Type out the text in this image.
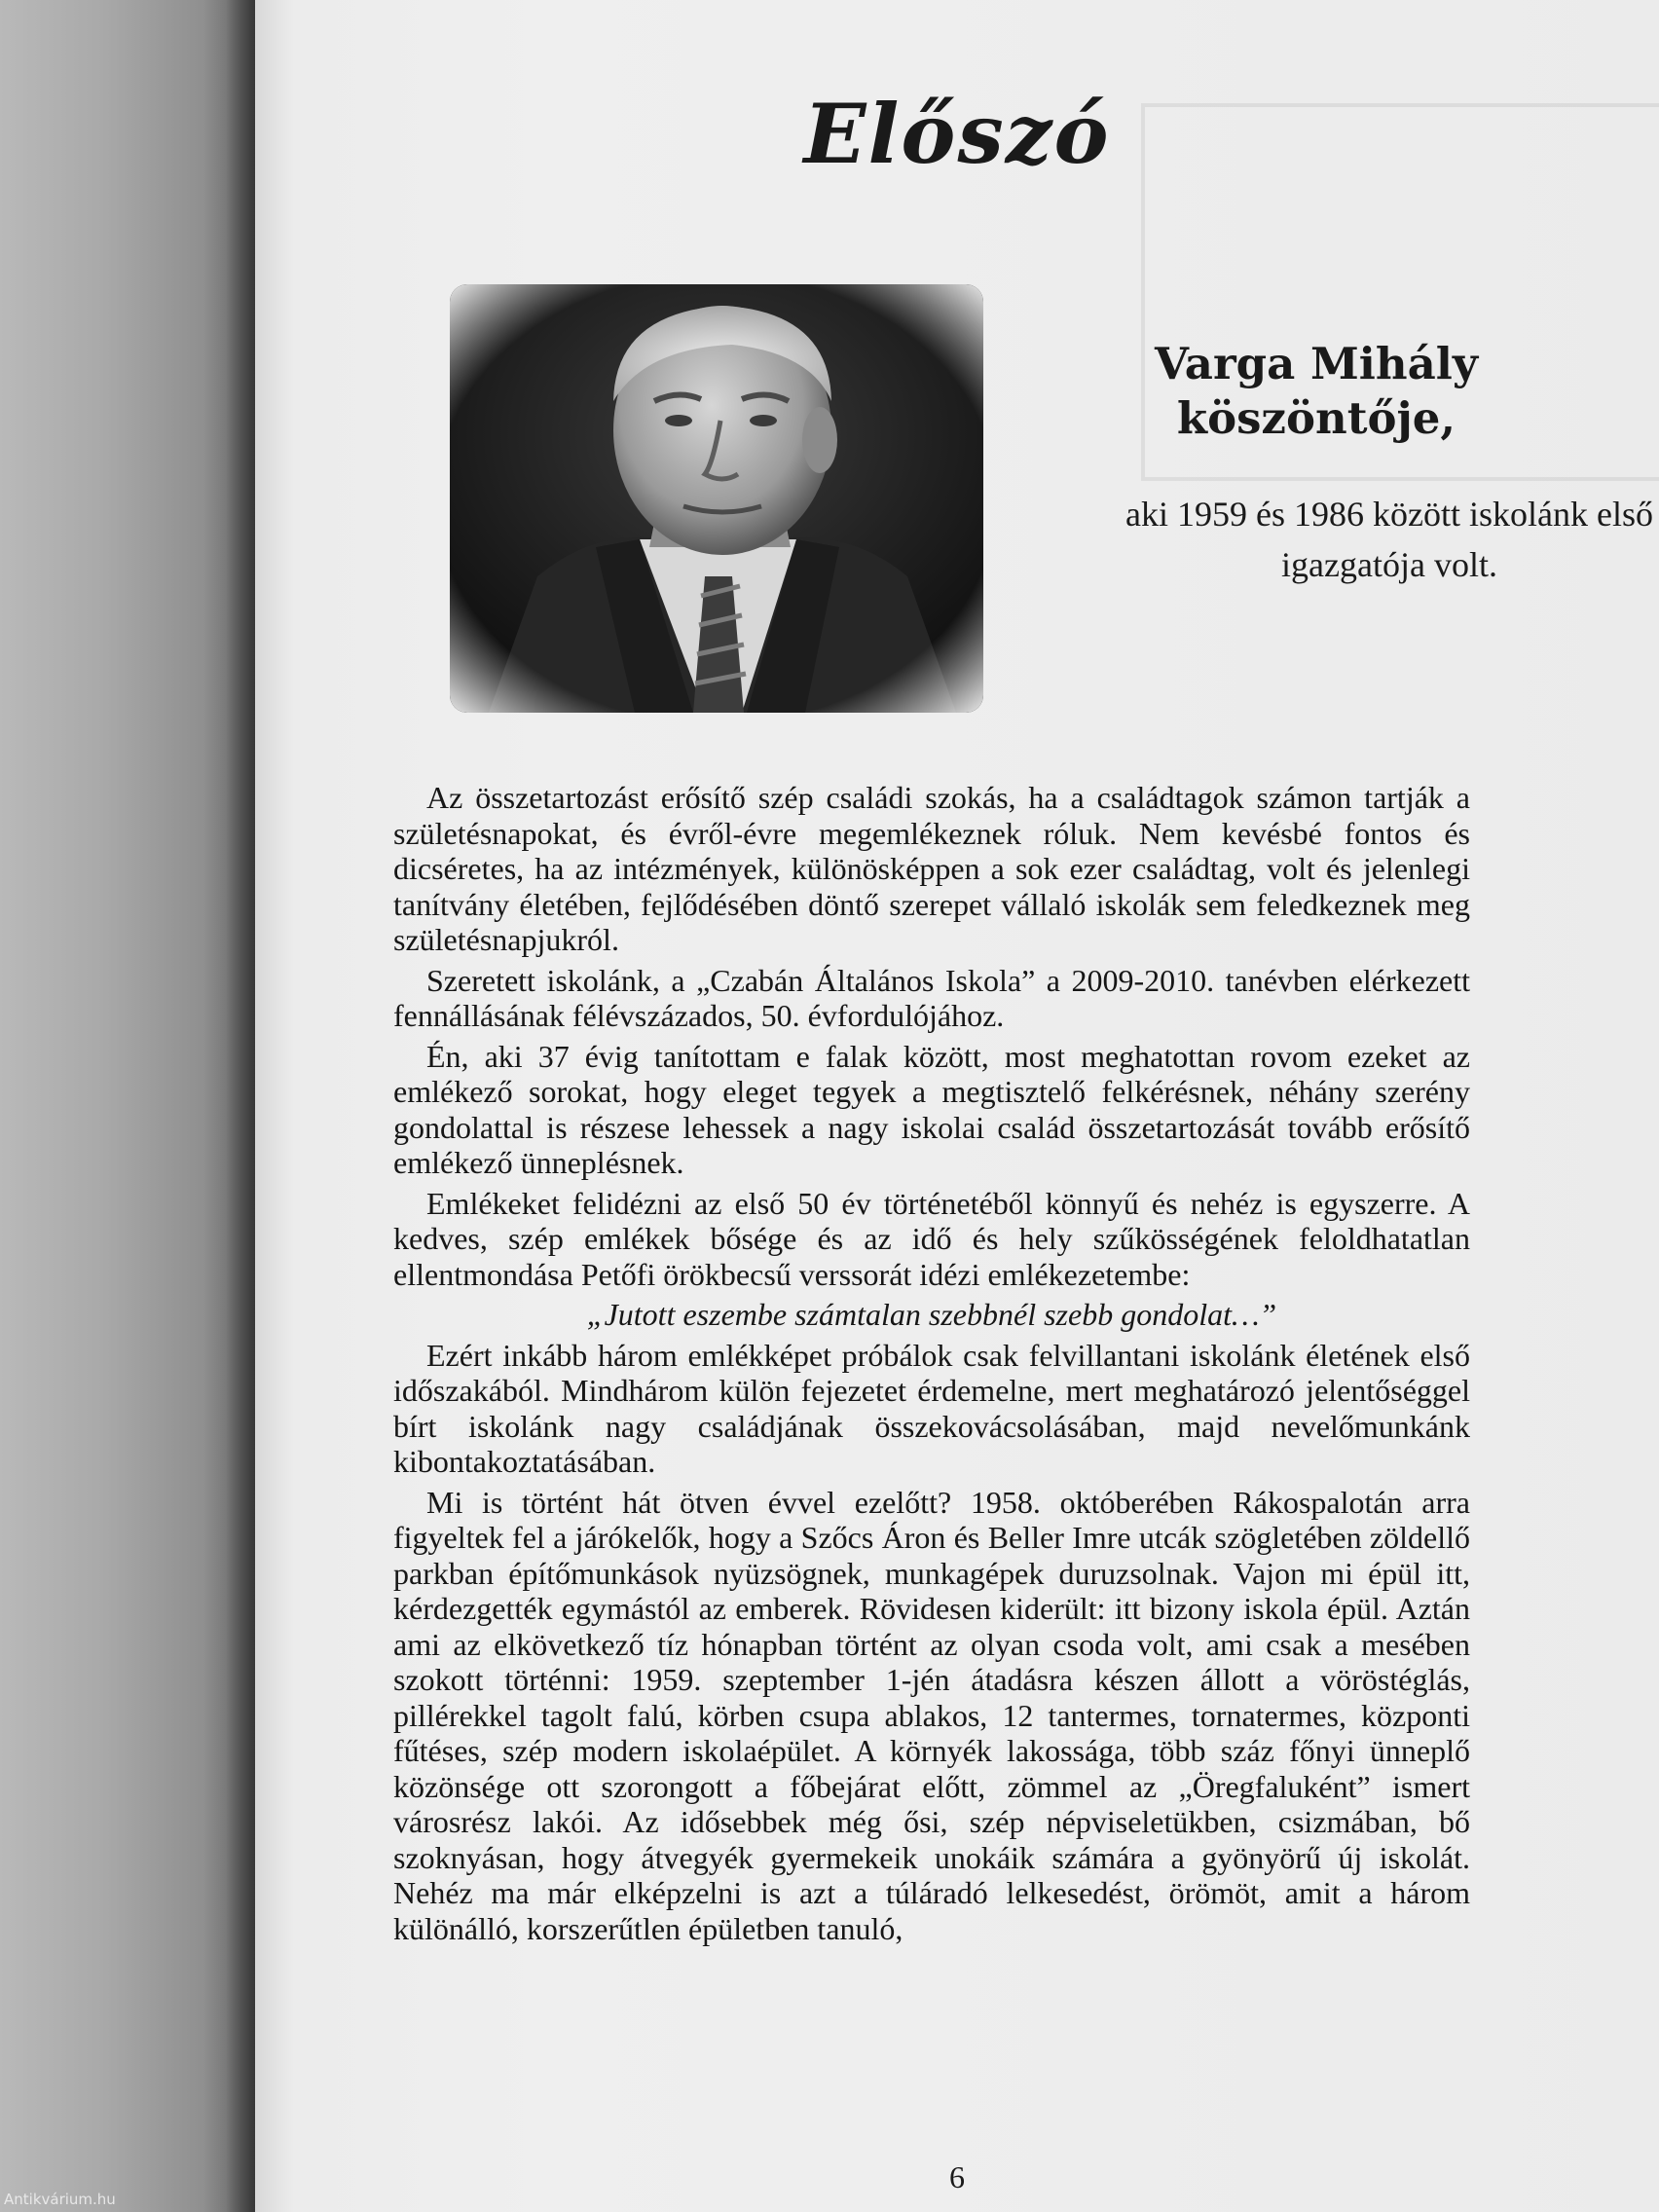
Előszó
Varga Mihály köszöntője,
aki 1959 és 1986 között iskolánk első igazgatója volt.

Az összetartozást erősítő szép családi szokás, ha a családtagok számon tartják a születésnapokat, és évről-évre megemlékeznek róluk. Nem kevésbé fontos és dicséretes, ha az intézmények, különösképpen a sok ezer családtag, volt és jelenlegi tanítvány életében, fejlődésében döntő szerepet vállaló iskolák sem feledkeznek meg születésnapjukról.

Szeretett iskolánk, a „Czabán Általános Iskola” a 2009-2010. tanévben elérkezett fennállásának félévszázados, 50. évfordulójához.

Én, aki 37 évig tanítottam e falak között, most meghatottan rovom ezeket az emlékező sorokat, hogy eleget tegyek a megtisztelő felkérésnek, néhány szerény gondolattal is részese lehessek a nagy iskolai család összetartozását tovább erősítő emlékező ünneplésnek.

Emlékeket felidézni az első 50 év történetéből könnyű és nehéz is egyszerre. A kedves, szép emlékek bősége és az idő és hely szűkösségének feloldhatatlan ellentmondása Petőfi örökbecsű verssorát idézi emlékezetembe:

„Jutott eszembe számtalan szebbnél szebb gondolat…”

Ezért inkább három emlékképet próbálok csak felvillantani iskolánk életének első időszakából. Mindhárom külön fejezetet érdemelne, mert meghatározó jelentőséggel bírt iskolánk nagy családjának összekovácsolásában, majd nevelőmunkánk kibontakoztatásában.

Mi is történt hát ötven évvel ezelőtt? 1958. októberében Rákospalotán arra figyeltek fel a járókelők, hogy a Szőcs Áron és Beller Imre utcák szögletében zöldellő parkban építőmunkások nyüzsögnek, munkagépek duruzsolnak. Vajon mi épül itt, kérdezgették egymástól az emberek. Rövidesen kiderült: itt bizony iskola épül. Aztán ami az elkövetkező tíz hónapban történt az olyan csoda volt, ami csak a mesében szokott történni: 1959. szeptember 1-jén átadásra készen állott a vöröstéglás, pillérekkel tagolt falú, körben csupa ablakos, 12 tantermes, tornatermes, központi fűtéses, szép modern iskolaépület. A környék lakossága, több száz főnyi ünneplő közönsége ott szorongott a főbejárat előtt, zömmel az „Öregfaluként” ismert városrész lakói. Az idősebbek még ősi, szép népviseletükben, csizmában, bő szoknyásan, hogy átvegyék gyermekeik unokáik számára a gyönyörű új iskolát. Nehéz ma már elképzelni is azt a túláradó lelkesedést, örömöt, amit a három különálló, korszerűtlen épületben tanuló,

6
Antikvárium.hu
